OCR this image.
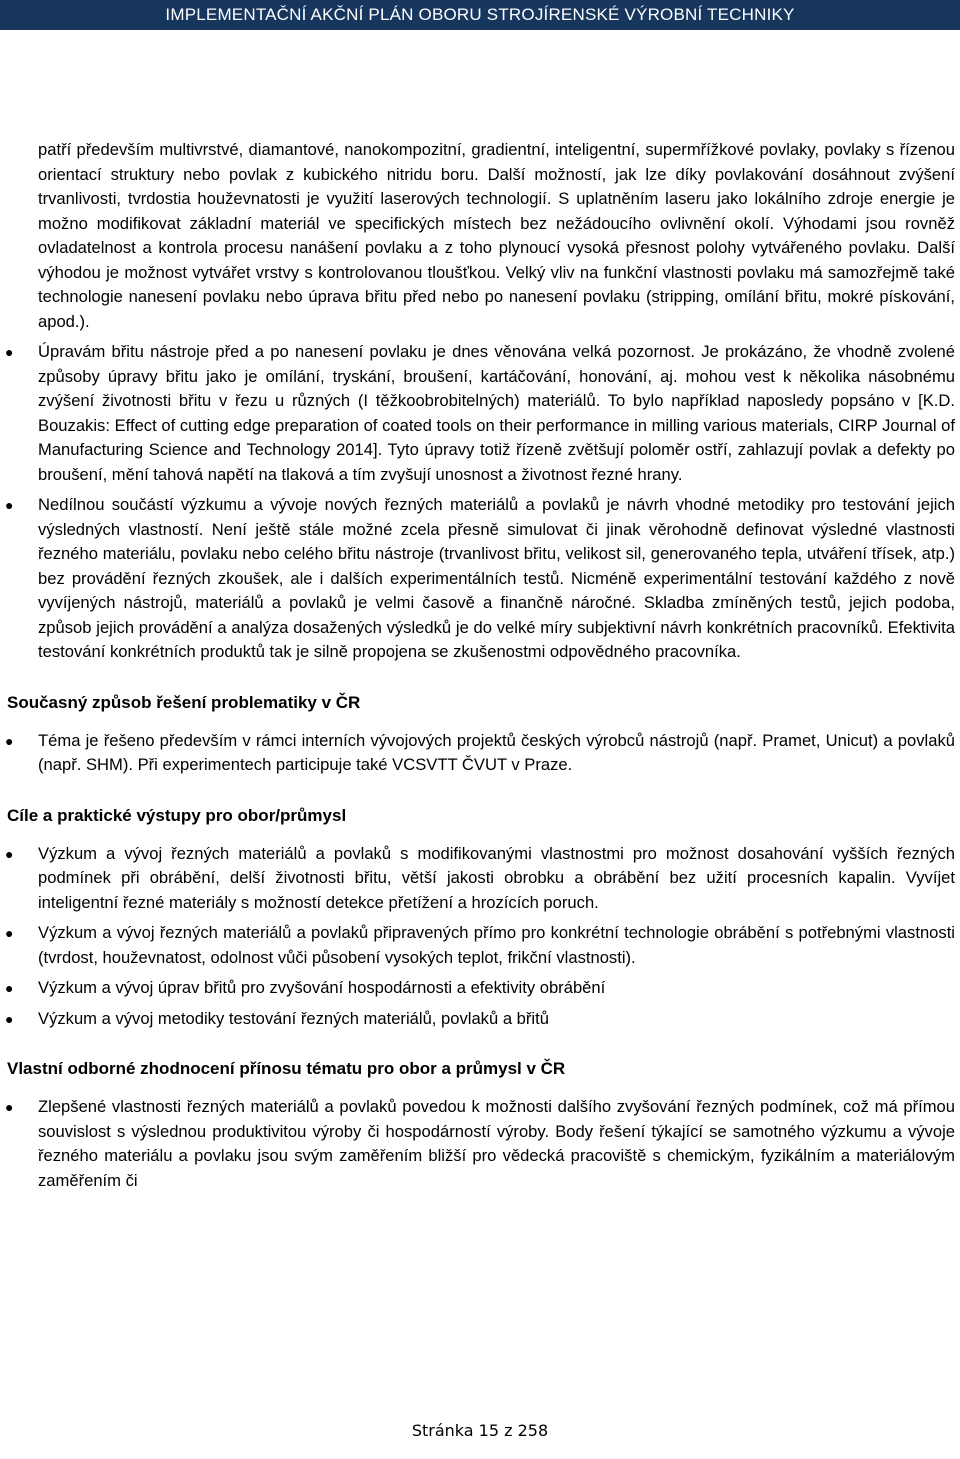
IMPLEMENTAČNÍ AKČNÍ PLÁN OBORU STROJÍRENSKÉ VÝROBNÍ TECHNIKY

patří především multivrstvé, diamantové, nanokompozitní, gradientní, inteligentní, supermřížkové povlaky, povlaky s řízenou orientací struktury nebo povlak z kubického nitridu boru. Další možností, jak lze díky povlakování dosáhnout zvýšení trvanlivosti, tvrdostia houževnatosti je využití laserových technologií. S uplatněním laseru jako lokálního zdroje energie je možno modifikovat základní materiál ve specifických místech bez nežádoucího ovlivnění okolí. Výhodami jsou rovněž ovladatelnost a kontrola procesu nanášení povlaku a z toho plynoucí vysoká přesnost polohy vytvářeného povlaku. Další výhodou je možnost vytvářet vrstvy s kontrolovanou tloušťkou. Velký vliv na funkční vlastnosti povlaku má samozřejmě také technologie nanesení povlaku nebo úprava břitu před nebo po nanesení povlaku (stripping, omílání břitu, mokré pískování, apod.).

● Úpravám břitu nástroje před a po nanesení povlaku je dnes věnována velká pozornost. Je prokázáno, že vhodně zvolené způsoby úpravy břitu jako je omílání, tryskání, broušení, kartáčování, honování, aj. mohou vest k několika násobnému zvýšení životnosti břitu v řezu u různých (I těžkoobrobitelných) materiálů. To bylo například naposledy popsáno v [K.D. Bouzakis: Effect of cutting edge preparation of coated tools on their performance in milling various materials, CIRP Journal of Manufacturing Science and Technology 2014]. Tyto úpravy totiž řízeně zvětšují poloměr ostří, zahlazují povlak a defekty po broušení, mění tahová napětí na tlaková a tím zvyšují unosnost a životnost řezné hrany.
● Nedílnou součástí výzkumu a vývoje nových řezných materiálů a povlaků je návrh vhodné metodiky pro testování jejich výsledných vlastností. Není ještě stále možné zcela přesně simulovat či jinak věrohodně definovat výsledné vlastnosti řezného materiálu, povlaku nebo celého břitu nástroje (trvanlivost břitu, velikost sil, generovaného tepla, utváření třísek, atp.) bez provádění řezných zkoušek, ale i dalších experimentálních testů. Nicméně experimentální testování každého z nově vyvíjených nástrojů, materiálů a povlaků je velmi časově a finančně náročné. Skladba zmíněných testů, jejich podoba, způsob jejich provádění a analýza dosažených výsledků je do velké míry subjektivní návrh konkrétních pracovníků. Efektivita testování konkrétních produktů tak je silně propojena se zkušenostmi odpovědného pracovníka.
Současný způsob řešení problematiky v ČR
● Téma je řešeno především v rámci interních vývojových projektů českých výrobců nástrojů (např. Pramet, Unicut) a povlaků (např. SHM). Při experimentech participuje také VCSVTT ČVUT v Praze.
Cíle a praktické výstupy pro obor/průmysl
● Výzkum a vývoj řezných materiálů a povlaků s modifikovanými vlastnostmi pro možnost dosahování vyšších řezných podmínek při obrábění, delší životnosti břitu, větší jakosti obrobku a obrábění bez užití procesních kapalin. Vyvíjet inteligentní řezné materiály s možností detekce přetížení a hrozících poruch.
● Výzkum a vývoj řezných materiálů a povlaků připravených přímo pro konkrétní technologie obrábění s potřebnými vlastnosti (tvrdost, houževnatost, odolnost vůči působení vysokých teplot, frikční vlastnosti).
● Výzkum a vývoj úprav břitů pro zvyšování hospodárnosti a efektivity obrábění
● Výzkum a vývoj metodiky testování řezných materiálů, povlaků a břitů
Vlastní odborné zhodnocení přínosu tématu pro obor a průmysl v ČR
● Zlepšené vlastnosti řezných materiálů a povlaků povedou k možnosti dalšího zvyšování řezných podmínek, což má přímou souvislost s výslednou produktivitou výroby či hospodárností výroby. Body řešení týkající se samotného výzkumu a vývoje řezného materiálu a povlaku jsou svým zaměřením bližší pro vědecká pracoviště s chemickým, fyzikálním a materiálovým zaměřením či
Stránka 15 z 258
